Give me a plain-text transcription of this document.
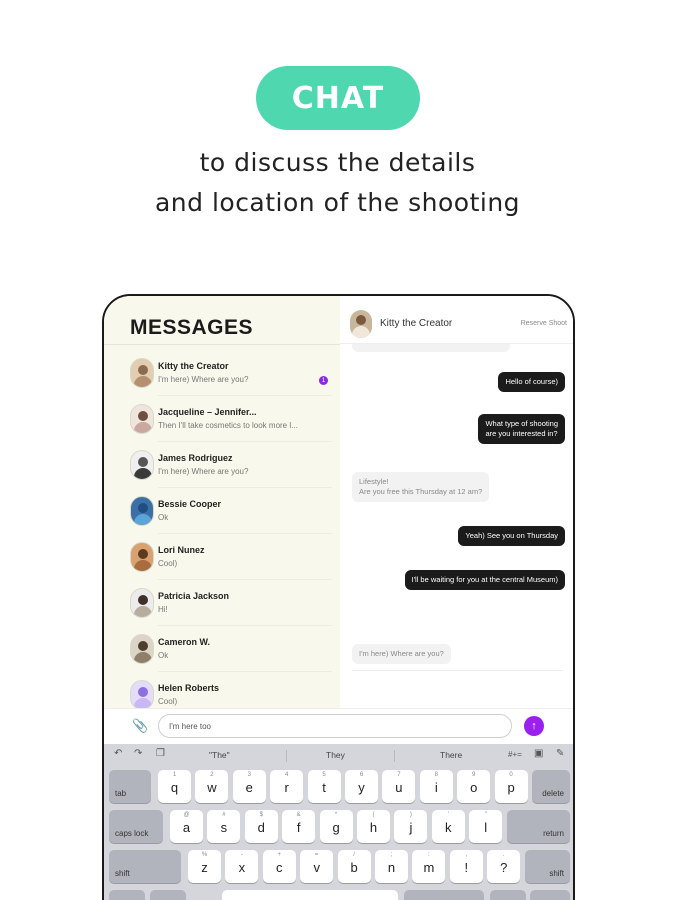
CHAT
to discuss the details
and location of the shooting
MESSAGES
Kitty the Creator
I'm here) Where are you?	1
Jacqueline – Jennifer...
Then I'll take cosmetics to look more l...
James Rodriguez
I'm here) Where are you?
Bessie Cooper
Ok
Lori Nunez
Cool)
Patricia Jackson
Hi!
Cameron W.
Ok
Helen Roberts
Cool)
Kitty the Creator	Reserve Shoot
Hello of course)
What type of shooting
are you interested in?
Lifestyle!
Are you free this Thursday at 12 am?
Yeah) See you on Thursday
I'll be waiting for you at the central Museum)
I'm here) Where are you?
📎
I'm here too	↑
↶ ↷ ❐	"The"	They	There	#+= ▣ ✎
tab
1
q
2
w
3
e
4
r
5
t
6
y
7
u
8
i
9
o
0
p	delete
caps lock
@
a
#
s
$
d
&
f
*
g
(
h
)
j
'
k
"
l	return
shift
%
z
-
x
+
c
=
v
/
b
;
n
:
m
,
!
.
?	shift
